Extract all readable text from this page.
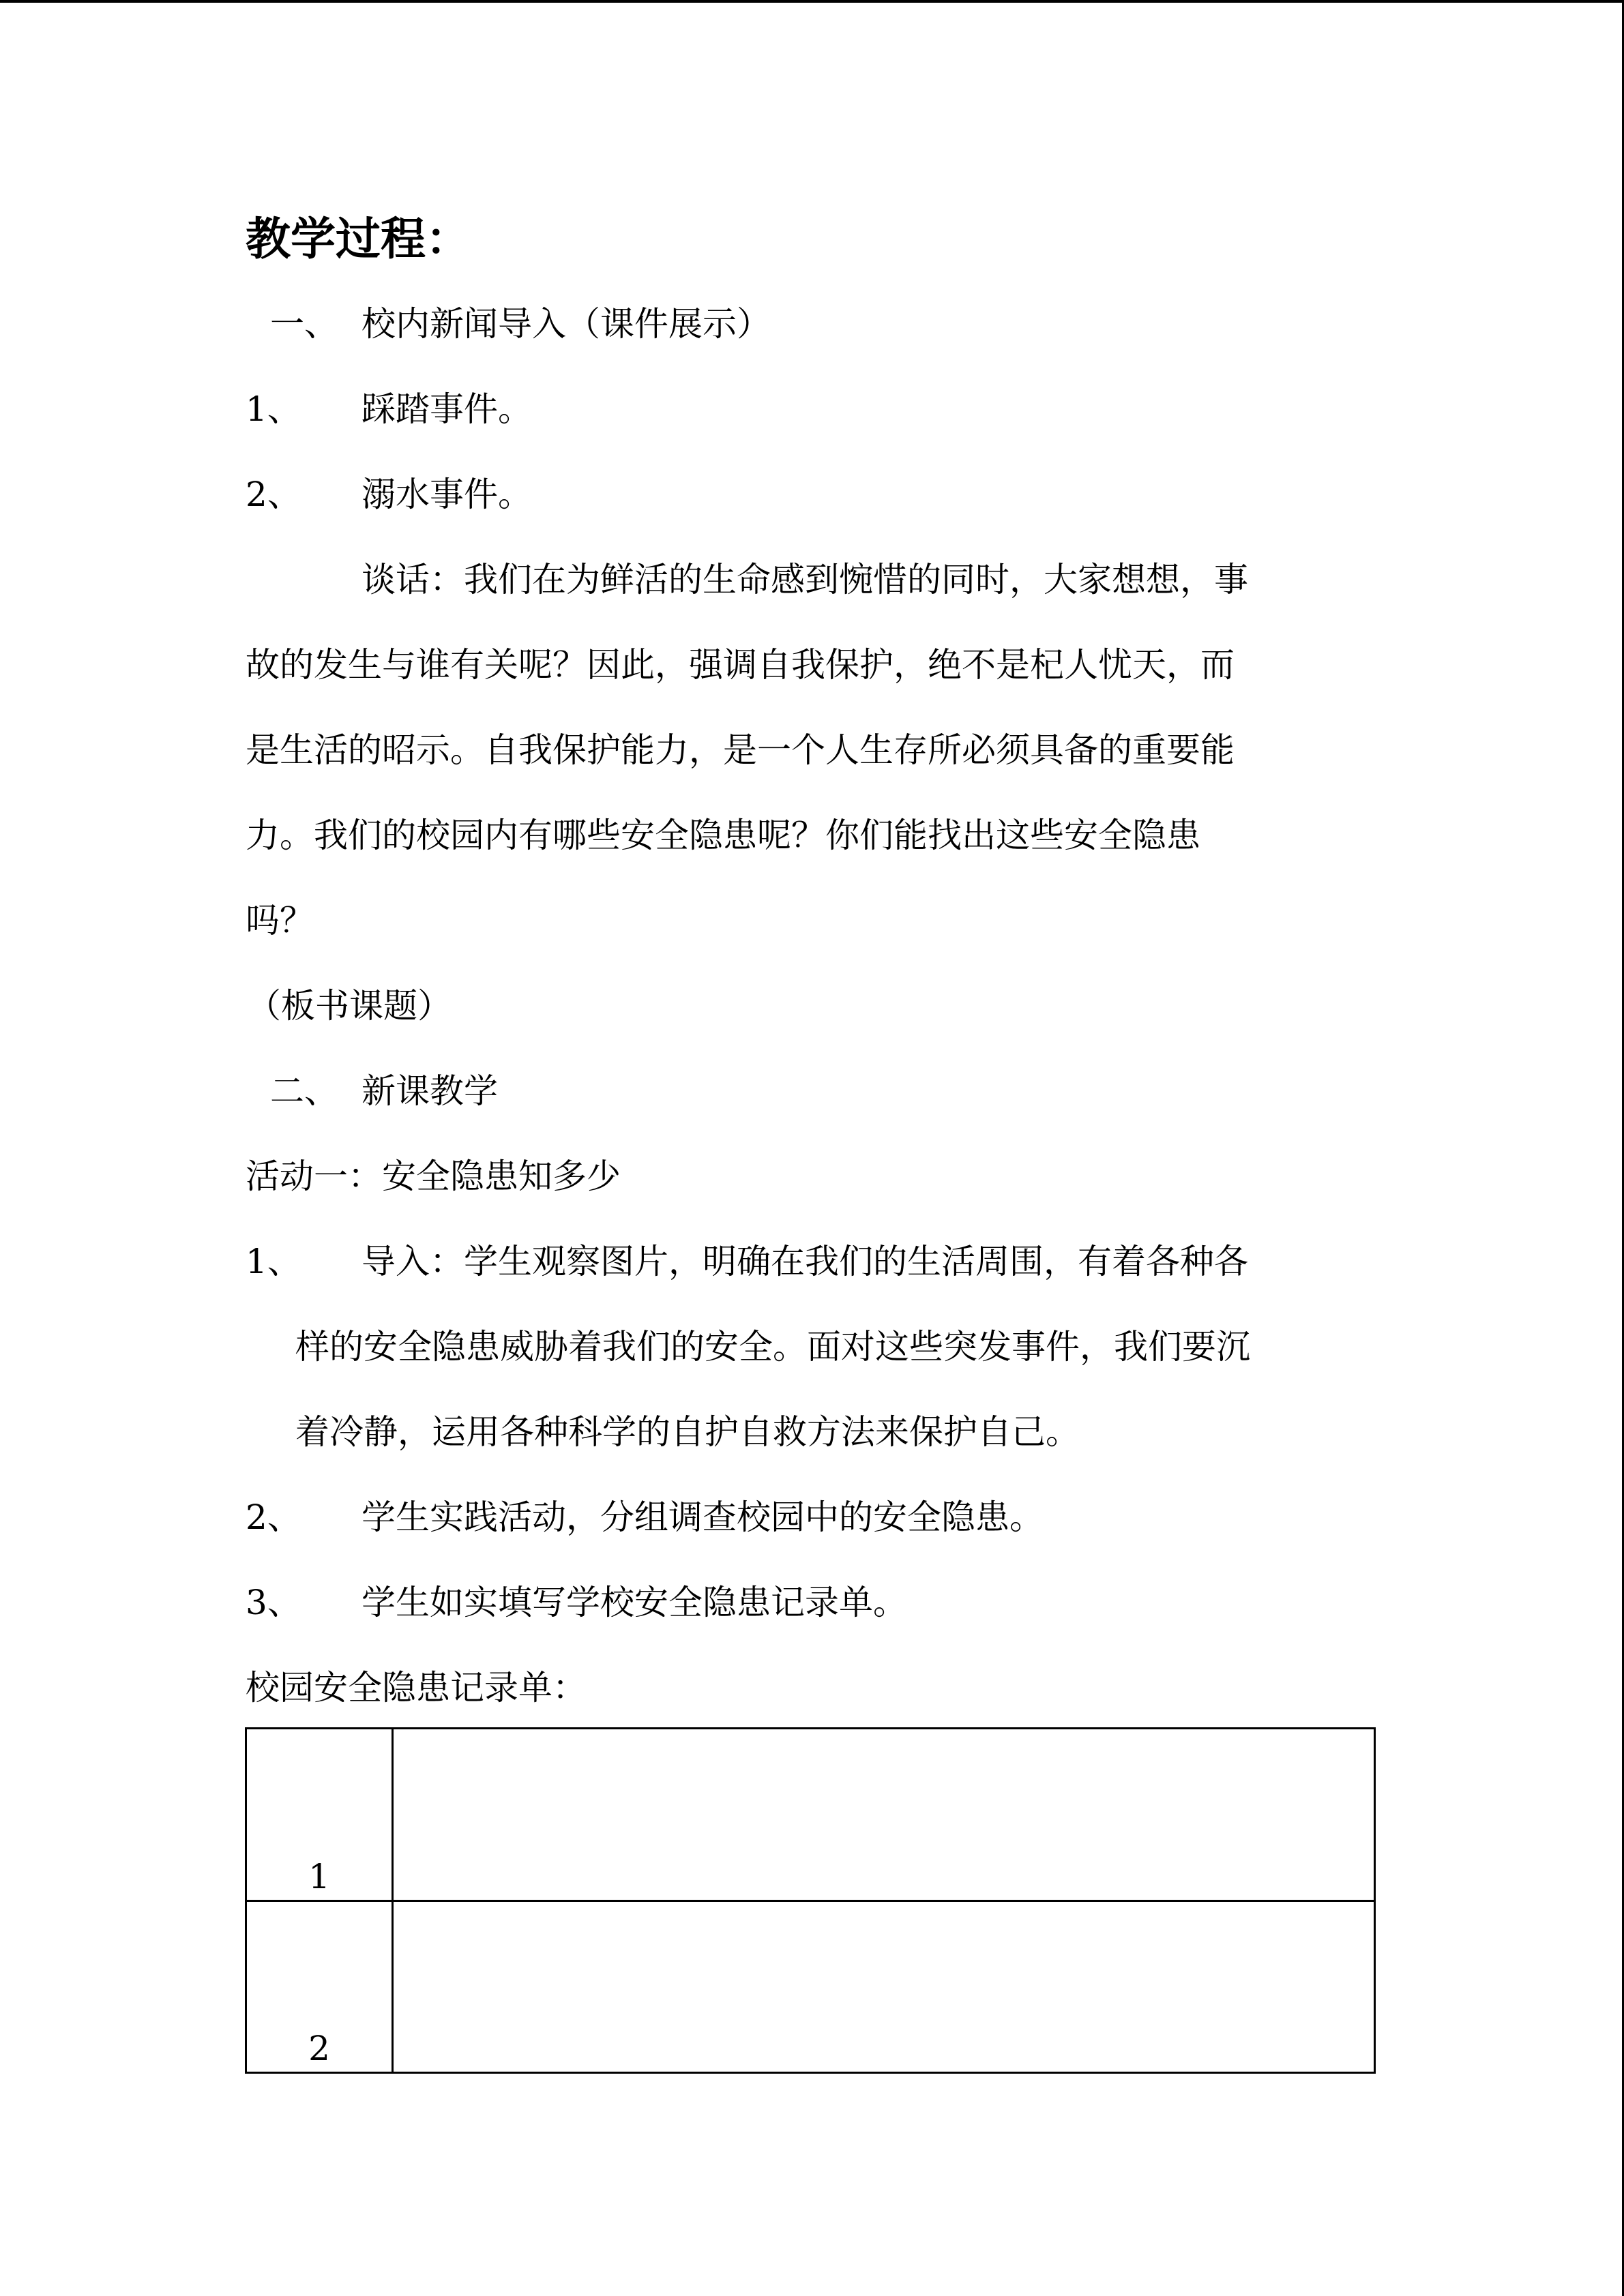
教学过程：
一、 校内新闻导入（课件展示）
1、 踩踏事件。
2、 溺水事件。
谈话：我们在为鲜活的生命感到惋惜的同时，大家想想，事
故的发生与谁有关呢？因此，强调自我保护，绝不是杞人忧天，而
是生活的昭示。自我保护能力，是一个人生存所必须具备的重要能
力。我们的校园内有哪些安全隐患呢？你们能找出这些安全隐患
吗？
（板书课题）
二、 新课教学
活动一：安全隐患知多少
1、 导入：学生观察图片，明确在我们的生活周围，有着各种各
样的安全隐患威胁着我们的安全。面对这些突发事件，我们要沉
着冷静，运用各种科学的自护自救方法来保护自己。
2、 学生实践活动，分组调查校园中的安全隐患。
3、 学生如实填写学校安全隐患记录单。
校园安全隐患记录单：
1	
2	
